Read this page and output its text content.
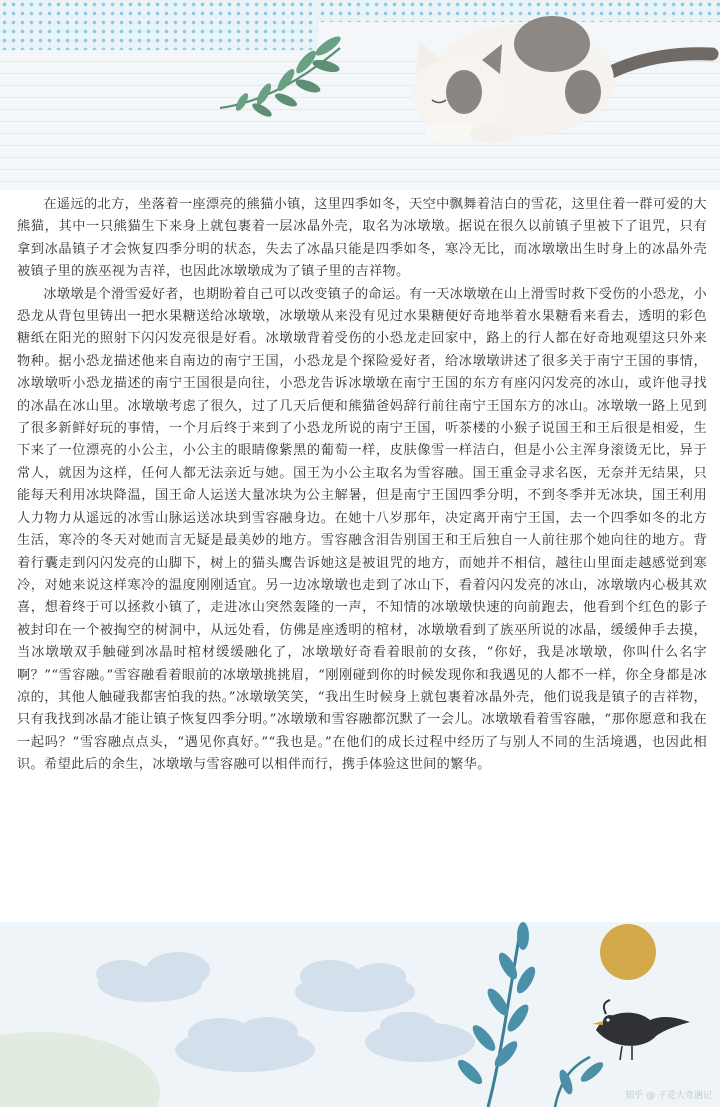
在遥远的北方，坐落着一座漂亮的熊猫小镇，这里四季如冬，天空中飘舞着洁白的雪花，这里住着一群可爱的大熊猫，其中一只熊猫生下来身上就包裹着一层冰晶外壳，取名为冰墩墩。据说在很久以前镇子里被下了诅咒，只有拿到冰晶镇子才会恢复四季分明的状态，失去了冰晶只能是四季如冬，寒冷无比，而冰墩墩出生时身上的冰晶外壳被镇子里的族巫视为吉祥，也因此冰墩墩成为了镇子里的吉祥物。

冰墩墩是个滑雪爱好者，也期盼着自己可以改变镇子的命运。有一天冰墩墩在山上滑雪时救下受伤的小恐龙，小恐龙从背包里铸出一把水果糖送给冰墩墩，冰墩墩从来没有见过水果糖便好奇地举着水果糖看来看去，透明的彩色糖纸在阳光的照射下闪闪发亮很是好看。冰墩墩背着受伤的小恐龙走回家中，路上的行人都在好奇地观望这只外来物种。据小恐龙描述他来自南边的南宁王国，小恐龙是个探险爱好者，给冰墩墩讲述了很多关于南宁王国的事情，冰墩墩听小恐龙描述的南宁王国很是向往，小恐龙告诉冰墩墩在南宁王国的东方有座闪闪发亮的冰山，或许他寻找的冰晶在冰山里。冰墩墩考虑了很久，过了几天后便和熊猫爸妈辞行前往南宁王国东方的冰山。冰墩墩一路上见到了很多新鲜好玩的事情，一个月后终于来到了小恐龙所说的南宁王国，听茶楼的小猴子说国王和王后很是相爱，生下来了一位漂亮的小公主，小公主的眼睛像紫黑的葡萄一样，皮肤像雪一样洁白，但是小公主浑身滚烫无比，异于常人，就因为这样，任何人都无法亲近与她。国王为小公主取名为雪容融。国王重金寻求名医，无奈并无结果，只能每天利用冰块降温，国王命人运送大量冰块为公主解暑，但是南宁王国四季分明，不到冬季并无冰块，国王利用人力物力从遥远的冰雪山脉运送冰块到雪容融身边。在她十八岁那年，决定离开南宁王国，去一个四季如冬的北方生活，寒冷的冬天对她而言无疑是最美妙的地方。雪容融含泪告别国王和王后独自一人前往那个她向往的地方。背着行囊走到闪闪发亮的山脚下，树上的猫头鹰告诉她这是被诅咒的地方，而她并不相信，越往山里面走越感觉到寒冷，对她来说这样寒冷的温度刚刚适宜。另一边冰墩墩也走到了冰山下，看着闪闪发亮的冰山，冰墩墩内心极其欢喜，想着终于可以拯救小镇了，走进冰山突然轰隆的一声，不知情的冰墩墩快速的向前跑去，他看到个红色的影子被封印在一个被掏空的树洞中，从远处看，仿佛是座透明的棺材，冰墩墩看到了族巫所说的冰晶，缓缓伸手去摸，当冰墩墩双手触碰到冰晶时棺材缓缓融化了，冰墩墩好奇看着眼前的女孩，“你好，我是冰墩墩，你叫什么名字啊？”“雪容融。”雪容融看着眼前的冰墩墩挑挑眉，“刚刚碰到你的时候发现你和我遇见的人都不一样，你全身都是冰凉的，其他人触碰我都害怕我的热。”冰墩墩笑笑，“我出生时候身上就包裹着冰晶外壳，他们说我是镇子的吉祥物，只有我找到冰晶才能让镇子恢复四季分明。”冰墩墩和雪容融都沉默了一会儿。冰墩墩看着雪容融，“那你愿意和我在一起吗？”雪容融点点头，“遇见你真好。”“我也是。”在他们的成长过程中经历了与别人不同的生活境遇，也因此相识。希望此后的余生，冰墩墩与雪容融可以相伴而行，携手体验这世间的繁华。

知乎 @ 子花大奇遇记
